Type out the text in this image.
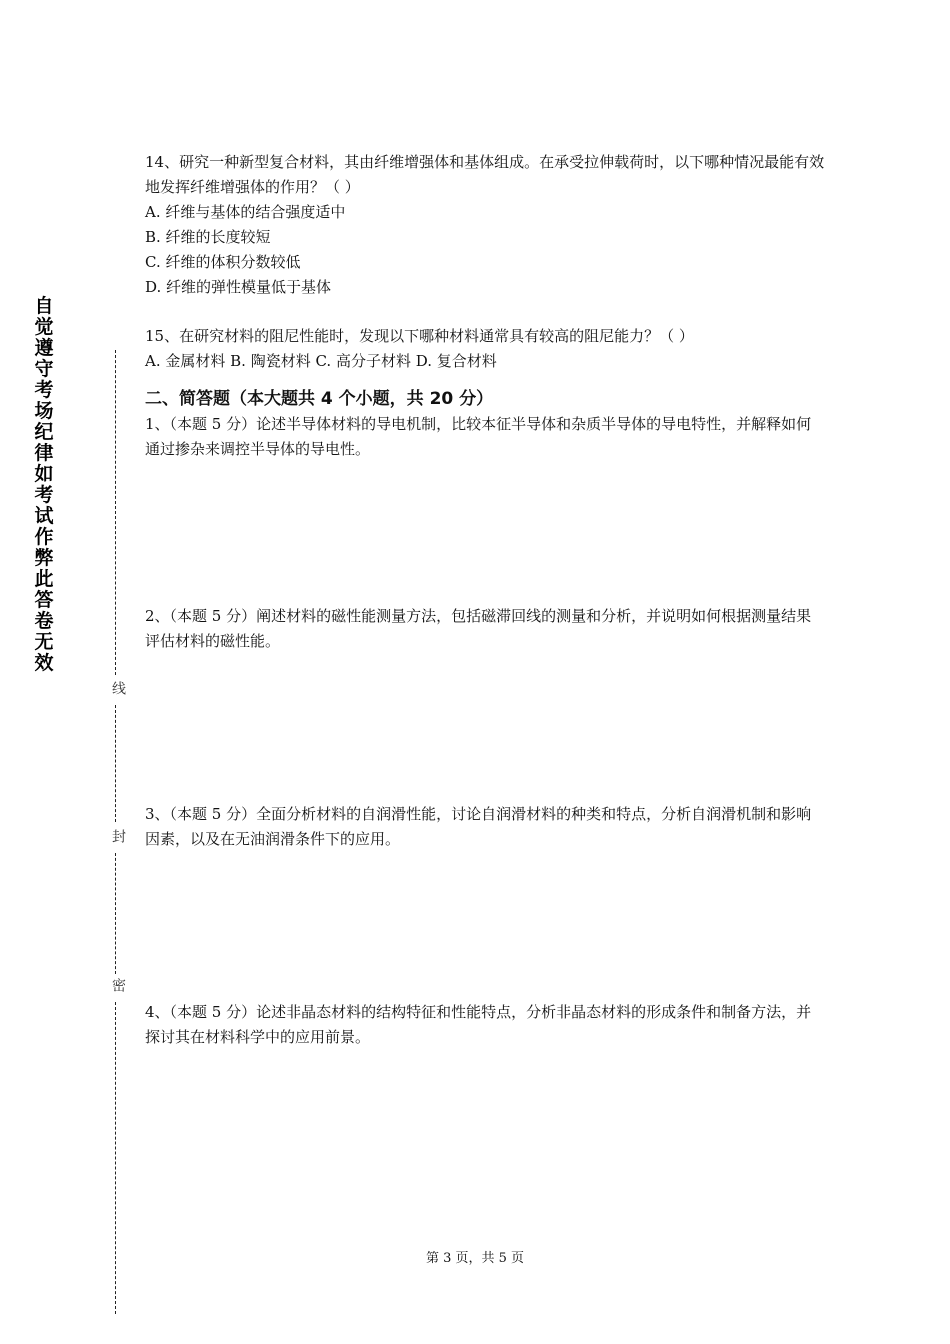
自
觉
遵
守
考
场
纪
律
如
考
试
作
弊
此
答
卷
无
效
线
封
密

14、研究一种新型复合材料，其由纤维增强体和基体组成。在承受拉伸载荷时，以下哪种情况最能有效地发挥纤维增强体的作用？（ ）

A. 纤维与基体的结合强度适中

B. 纤维的长度较短

C. 纤维的体积分数较低

D. 纤维的弹性模量低于基体

15、在研究材料的阻尼性能时，发现以下哪种材料通常具有较高的阻尼能力？（ ）

A. 金属材料 B. 陶瓷材料 C. 高分子材料 D. 复合材料

二、简答题（本大题共 4 个小题，共 20 分）

1、（本题 5 分）论述半导体材料的导电机制，比较本征半导体和杂质半导体的导电特性，并解释如何通过掺杂来调控半导体的导电性。

2、（本题 5 分）阐述材料的磁性能测量方法，包括磁滞回线的测量和分析，并说明如何根据测量结果评估材料的磁性能。

3、（本题 5 分）全面分析材料的自润滑性能，讨论自润滑材料的种类和特点，分析自润滑机制和影响因素，以及在无油润滑条件下的应用。

4、（本题 5 分）论述非晶态材料的结构特征和性能特点，分析非晶态材料的形成条件和制备方法，并探讨其在材料科学中的应用前景。

第 3 页，共 5 页
